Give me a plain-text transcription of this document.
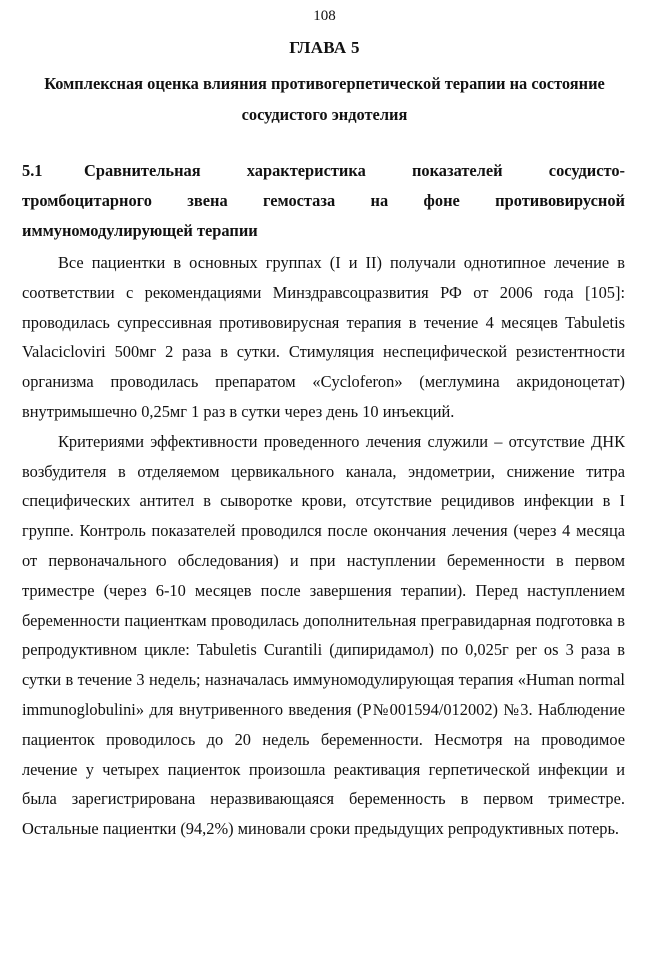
108
ГЛАВА 5
Комплексная оценка влияния противогерпетической терапии на состояние сосудистого эндотелия
5.1	Сравнительная характеристика показателей сосудисто-тромбоцитарного звена гемостаза на фоне противовирусной иммуномодулирующей терапии

Все пациентки в основных группах (I и II) получали однотипное лечение в соответствии с рекомендациями Минздравсоцразвития РФ от 2006 года [105]: проводилась супрессивная противовирусная терапия в течение 4 месяцев Tabuletis Valacicloviri 500мг 2 раза в сутки. Стимуляция неспецифической резистентности организма проводилась препаратом «Cycloferon» (меглумина акридоноцетат) внутримышечно 0,25мг 1 раз в сутки через день 10 инъекций.

Критериями эффективности проведенного лечения служили – отсутствие ДНК возбудителя в отделяемом цервикального канала, эндометрии, снижение титра специфических антител в сыворотке крови, отсутствие рецидивов инфекции в I группе. Контроль показателей проводился после окончания лечения (через 4 месяца от первоначального обследования) и при наступлении беременности в первом триместре (через 6-10 месяцев после завершения терапии). Перед наступлением беременности пациенткам проводилась дополнительная прегравидарная подготовка в репродуктивном цикле: Tabuletis Curantili (дипиридамол) по 0,025г per os 3 раза в сутки в течение 3 недель; назначалась иммуномодулирующая терапия «Human normal immunoglobulini» для внутривенного введения (Р№001594/012002) №3. Наблюдение пациенток проводилось до 20 недель беременности. Несмотря на проводимое лечение у четырех пациенток произошла реактивация герпетической инфекции и была зарегистрирована неразвивающаяся беременность в первом триместре. Остальные пациентки (94,2%) миновали сроки предыдущих репродуктивных потерь.
